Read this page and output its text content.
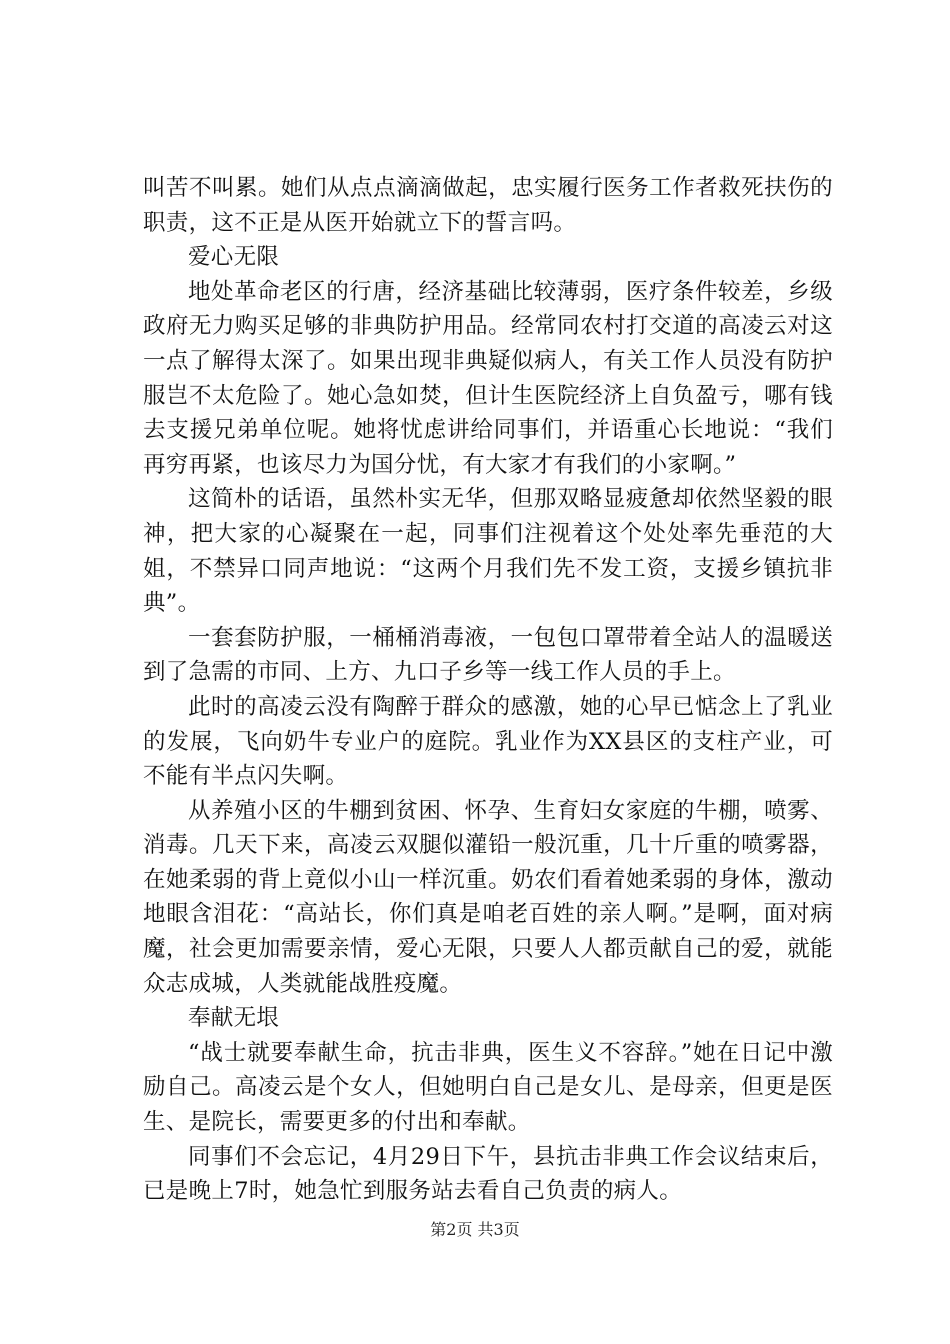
叫苦不叫累。她们从点点滴滴做起，忠实履行医务工作者救死扶伤的职责，这不正是从医开始就立下的誓言吗。

爱心无限

地处革命老区的行唐，经济基础比较薄弱，医疗条件较差，乡级政府无力购买足够的非典防护用品。经常同农村打交道的高凌云对这一点了解得太深了。如果出现非典疑似病人，有关工作人员没有防护服岂不太危险了。她心急如焚，但计生医院经济上自负盈亏，哪有钱去支援兄弟单位呢。她将忧虑讲给同事们，并语重心长地说：“我们再穷再紧，也该尽力为国分忧，有大家才有我们的小家啊。”

这简朴的话语，虽然朴实无华，但那双略显疲惫却依然坚毅的眼神，把大家的心凝聚在一起，同事们注视着这个处处率先垂范的大姐，不禁异口同声地说：“这两个月我们先不发工资，支援乡镇抗非典”。

一套套防护服，一桶桶消毒液，一包包口罩带着全站人的温暖送到了急需的市同、上方、九口子乡等一线工作人员的手上。

此时的高凌云没有陶醉于群众的感激，她的心早已惦念上了乳业的发展，飞向奶牛专业户的庭院。乳业作为XX县区的支柱产业，可不能有半点闪失啊。

从养殖小区的牛棚到贫困、怀孕、生育妇女家庭的牛棚，喷雾、消毒。几天下来，高凌云双腿似灌铅一般沉重，几十斤重的喷雾器，在她柔弱的背上竟似小山一样沉重。奶农们看着她柔弱的身体，激动地眼含泪花：“高站长，你们真是咱老百姓的亲人啊。”是啊，面对病魔，社会更加需要亲情，爱心无限，只要人人都贡献自己的爱，就能众志成城，人类就能战胜疫魔。

奉献无垠

“战士就要奉献生命，抗击非典，医生义不容辞。”她在日记中激励自己。高凌云是个女人，但她明白自己是女儿、是母亲，但更是医生、是院长，需要更多的付出和奉献。

同事们不会忘记，4月29日下午，县抗击非典工作会议结束后，已是晚上7时，她急忙到服务站去看自己负责的病人。

第2页 共3页
